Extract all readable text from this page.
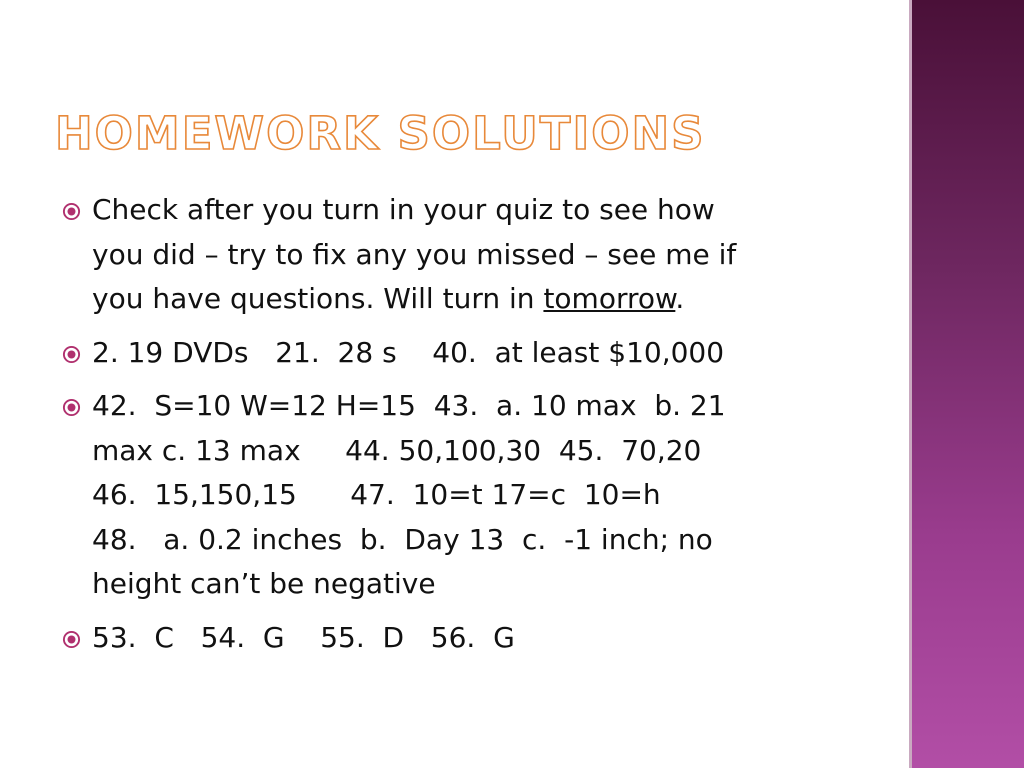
HOMEWORK SOLUTIONS
Check after you turn in your quiz to see how
you did – try to fix any you missed – see me if
you have questions. Will turn in tomorrow.
2. 19 DVDs   21.  28 s    40.  at least $10,000
42.  S=10 W=12 H=15  43.  a. 10 max  b. 21
max c. 13 max     44. 50,100,30  45.  70,20
46.  15,150,15      47.  10=t 17=c  10=h
48.   a. 0.2 inches  b.  Day 13  c.  -1 inch; no
height can’t be negative
53.  C   54.  G    55.  D   56.  G
